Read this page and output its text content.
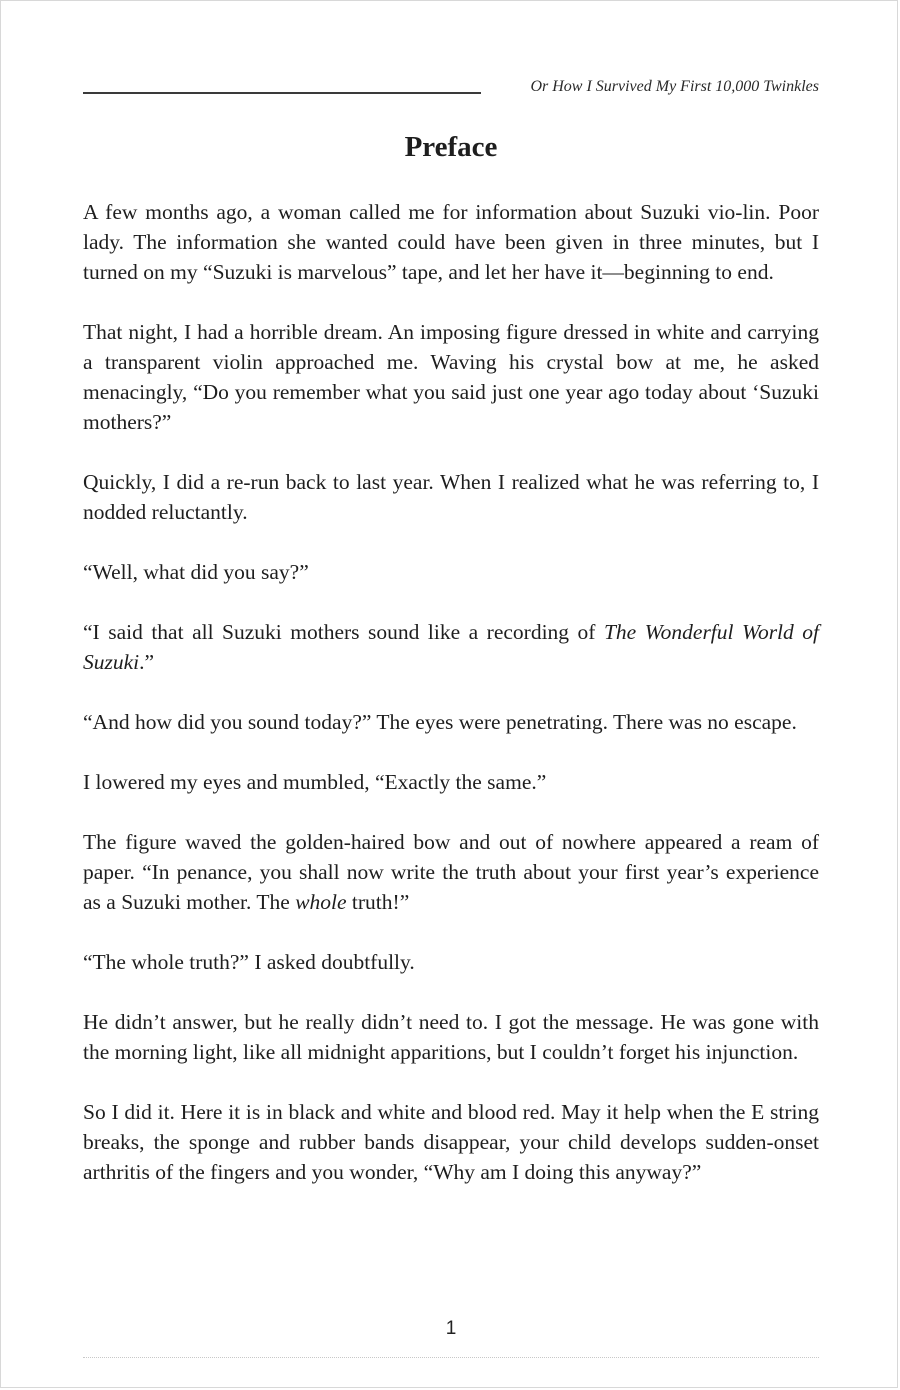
Or How I Survived My First 10,000 Twinkles
Preface

A few months ago, a woman called me for information about Suzuki vio-lin. Poor lady. The information she wanted could have been given in three minutes, but I turned on my “Suzuki is marvelous” tape, and let her have it—beginning to end.

That night, I had a horrible dream. An imposing figure dressed in white and carrying a transparent violin approached me. Waving his crystal bow at me, he asked menacingly, “Do you remember what you said just one year ago today about ‘Suzuki mothers?”

Quickly, I did a re-run back to last year. When I realized what he was referring to, I nodded reluctantly.

“Well, what did you say?”

“I said that all Suzuki mothers sound like a recording of The Wonderful World of Suzuki.”

“And how did you sound today?” The eyes were penetrating. There was no escape.

I lowered my eyes and mumbled, “Exactly the same.”

The figure waved the golden-haired bow and out of nowhere appeared a ream of paper. “In penance, you shall now write the truth about your first year’s experience as a Suzuki mother. The whole truth!”

“The whole truth?” I asked doubtfully.

He didn’t answer, but he really didn’t need to. I got the message. He was gone with the morning light, like all midnight apparitions, but I couldn’t forget his injunction.

So I did it. Here it is in black and white and blood red. May it help when the E string breaks, the sponge and rubber bands disappear, your child develops sudden-onset arthritis of the fingers and you wonder, “Why am I doing this anyway?”

1
